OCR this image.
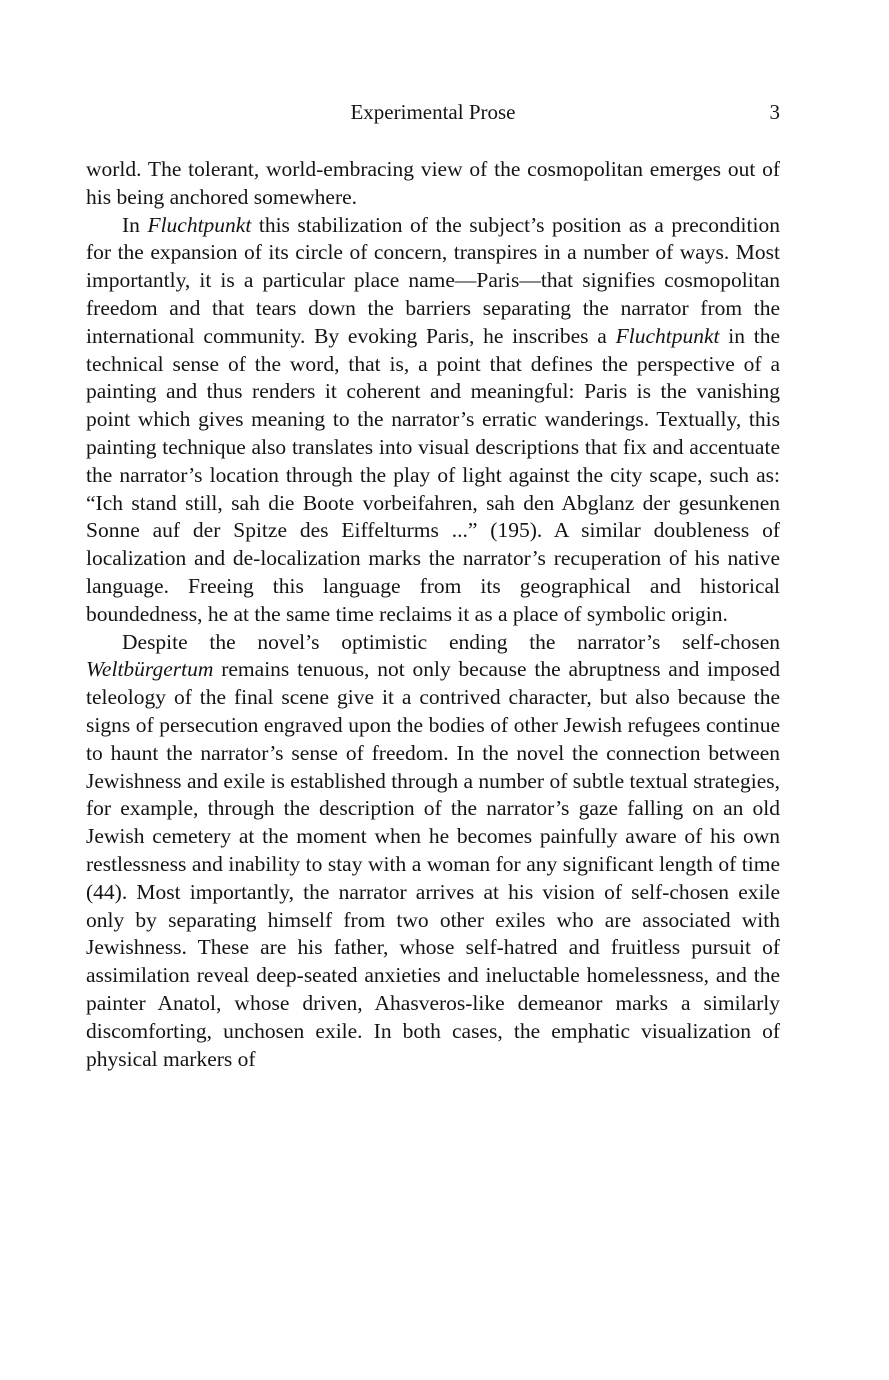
Experimental Prose	3

world. The tolerant, world-embracing view of the cosmopolitan emerges out of his being anchored somewhere.

In Fluchtpunkt this stabilization of the subject’s position as a precondition for the expansion of its circle of concern, transpires in a number of ways. Most importantly, it is a particular place name—Paris—that signifies cosmopolitan freedom and that tears down the barriers separating the narrator from the international community. By evoking Paris, he inscribes a Fluchtpunkt in the technical sense of the word, that is, a point that defines the perspective of a painting and thus renders it coherent and meaningful: Paris is the vanishing point which gives meaning to the narrator’s erratic wanderings. Textually, this painting technique also translates into visual descriptions that fix and accentuate the narrator’s location through the play of light against the city scape, such as: “Ich stand still, sah die Boote vorbeifahren, sah den Abglanz der gesunkenen Sonne auf der Spitze des Eiffelturms ...” (195). A similar doubleness of localization and de-localization marks the narrator’s recuperation of his native language. Freeing this language from its geographical and historical boundedness, he at the same time reclaims it as a place of symbolic origin.

Despite the novel’s optimistic ending the narrator’s self-chosen Weltbürgertum remains tenuous, not only because the abruptness and imposed teleology of the final scene give it a contrived character, but also because the signs of persecution engraved upon the bodies of other Jewish refugees continue to haunt the narrator’s sense of freedom. In the novel the connection between Jewishness and exile is established through a number of subtle textual strategies, for example, through the description of the narrator’s gaze falling on an old Jewish cemetery at the moment when he becomes painfully aware of his own restlessness and inability to stay with a woman for any significant length of time (44). Most importantly, the narrator arrives at his vision of self-chosen exile only by separating himself from two other exiles who are associated with Jewishness. These are his father, whose self-hatred and fruitless pursuit of assimilation reveal deep-seated anxieties and ineluctable homelessness, and the painter Anatol, whose driven, Ahasveros-like demeanor marks a similarly discomforting, unchosen exile. In both cases, the emphatic visualization of physical markers of
